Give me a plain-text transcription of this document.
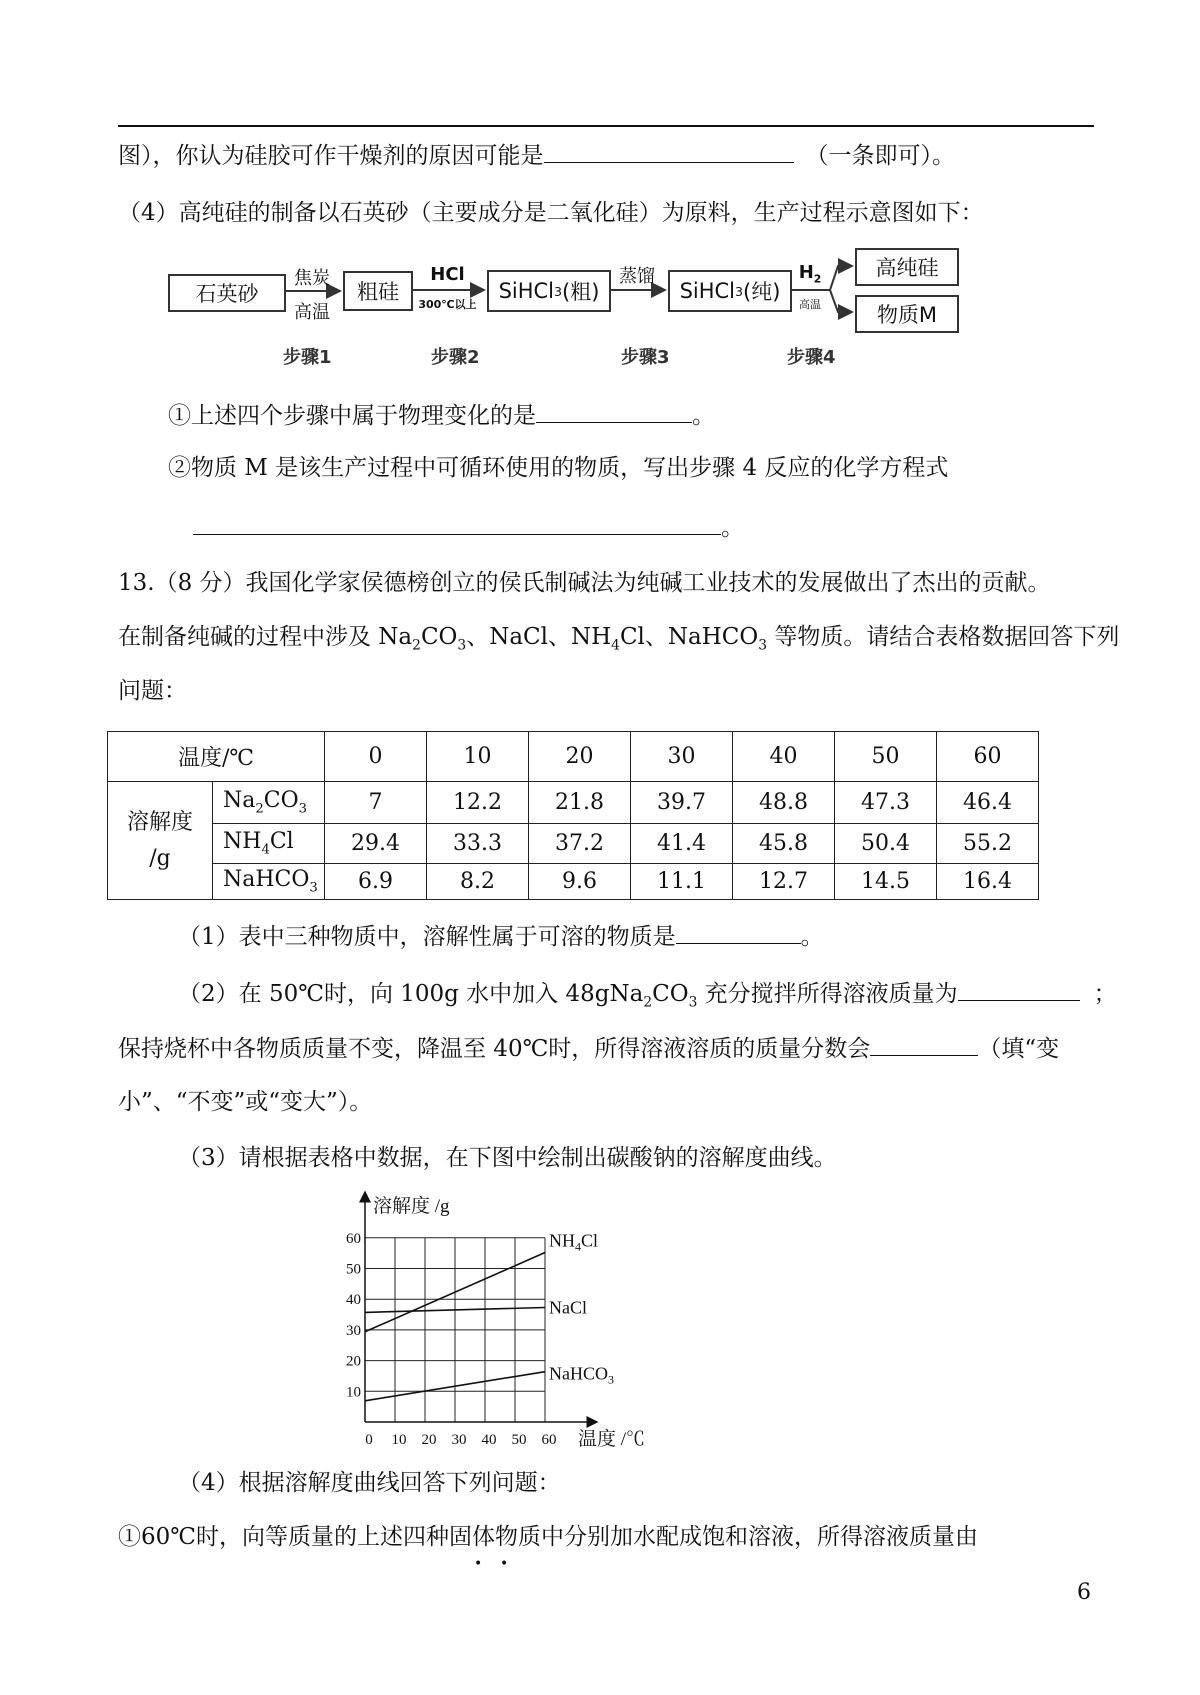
图），你认为硅胶可作干燥剂的原因可能是	（一条即可）。
（4）高纯硅的制备以石英砂（主要成分是二氧化硅）为原料，生产过程示意图如下：
石英砂	粗硅	SiHCl 3 (粗)	SiHCl 3 (纯)
高纯硅
物质M
焦炭
高温
HCl
300℃以上
蒸馏	$H_2$
高温
步骤1	步骤2	步骤3	步骤4
①上述四个步骤中属于物理变化的是	。
②物质 M 是该生产过程中可循环使用的物质，写出步骤 4 反应的化学方程式
。
13.（8 分）我国化学家侯德榜创立的侯氏制碱法为纯碱工业技术的发展做出了杰出的贡献。
在制备纯碱的过程中涉及 $Na_2CO_3$、NaCl、$NH_4Cl$、NaHCO$_3$ 等物质。请结合表格数据回答下列
问题：
温度/℃		0	10	20	30	40	50	60

溶解度
/g	$Na_2CO_3$	7	12.2	21.8	39.7	48.8	47.3	46.4
	$NH_4Cl$	29.4	33.3	37.2	41.4	45.8	50.4	55.2
	NaHCO$_3$	6.9	8.2	9.6	11.1	12.7	14.5	16.4
（1）表中三种物质中，溶解性属于可溶的物质是	。
（2）在 50℃时，向 100g 水中加入 $48gNa_2CO_3$ 充分搅拌所得溶液质量为	；
保持烧杯中各物质质量不变，降温至 40℃时，所得溶液溶质的质量分数会	（填“变
小”、“不变”或“变大”）。
（3）请根据表格中数据，在下图中绘制出碳酸钠的溶解度曲线。
10
20
30
40
50
60
0 10 20 30 40 50 60
$NH_4Cl$
NaCl
NaHCO$_3$
溶解度 /g
温度 /℃
（4）根据溶解度曲线回答下列问题：
①60℃时，向等质量的上述四种固体物质中分别加水配成饱和溶液，所得溶液质量由
•    •
6
